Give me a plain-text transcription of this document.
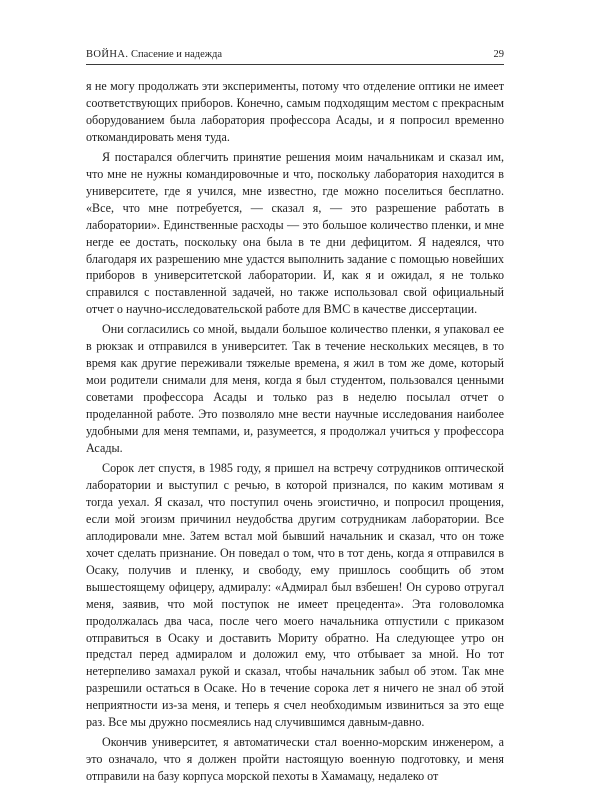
ВОЙНА. Спасение и надежда	29

я не могу продолжать эти эксперименты, потому что отделение оптики не имеет соответствующих приборов. Конечно, самым подходящим местом с прекрасным оборудованием была лаборатория профессора Асады, и я попросил временно откомандировать меня туда.

Я постарался облегчить принятие решения моим начальникам и сказал им, что мне не нужны командировочные и что, поскольку лаборатория находится в университете, где я учился, мне известно, где можно поселиться бесплатно. «Все, что мне потребуется, — сказал я, — это разрешение работать в лаборатории». Единственные расходы — это большое количество пленки, и мне негде ее достать, поскольку она была в те дни дефицитом. Я надеялся, что благодаря их разрешению мне удастся выполнить задание с помощью новейших приборов в университетской лаборатории. И, как я и ожидал, я не только справился с поставленной задачей, но также использовал свой официальный отчет о научно-исследовательской работе для ВМС в качестве диссертации.

Они согласились со мной, выдали большое количество пленки, я упаковал ее в рюкзак и отправился в университет. Так в течение нескольких месяцев, в то время как другие переживали тяжелые времена, я жил в том же доме, который мои родители снимали для меня, когда я был студентом, пользовался ценными советами профессора Асады и только раз в неделю посылал отчет о проделанной работе. Это позволяло мне вести научные исследования наиболее удобными для меня темпами, и, разумеется, я продолжал учиться у профессора Асады.

Сорок лет спустя, в 1985 году, я пришел на встречу сотрудников оптической лаборатории и выступил с речью, в которой признался, по каким мотивам я тогда уехал. Я сказал, что поступил очень эгоистично, и попросил прощения, если мой эгоизм причинил неудобства другим сотрудникам лаборатории. Все аплодировали мне. Затем встал мой бывший начальник и сказал, что он тоже хочет сделать признание. Он поведал о том, что в тот день, когда я отправился в Осаку, получив и пленку, и свободу, ему пришлось сообщить об этом вышестоящему офицеру, адмиралу: «Адмирал был взбешен! Он сурово отругал меня, заявив, что мой поступок не имеет прецедента». Эта головоломка продолжалась два часа, после чего моего начальника отпустили с приказом отправиться в Осаку и доставить Мориту обратно. На следующее утро он предстал перед адмиралом и доложил ему, что отбывает за мной. Но тот нетерпеливо замахал рукой и сказал, чтобы начальник забыл об этом. Так мне разрешили остаться в Осаке. Но в течение сорока лет я ничего не знал об этой неприятности из-за меня, и теперь я счел необходимым извиниться за это еще раз. Все мы дружно посмеялись над случившимся давным-давно.

Окончив университет, я автоматически стал военно-морским инженером, а это означало, что я должен пройти настоящую военную подготовку, и меня отправили на базу корпуса морской пехоты в Хамамацу, недалеко от
